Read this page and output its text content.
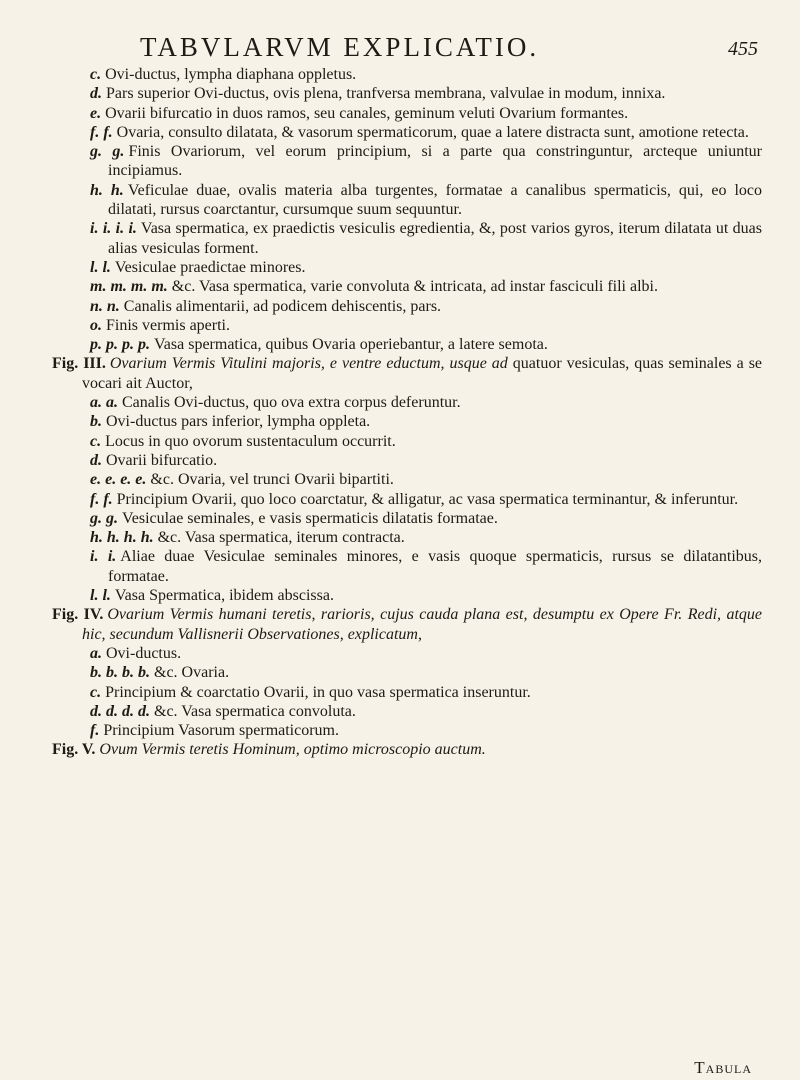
TABVLARVM EXPLICATIO.	455
c. Ovi-ductus, lympha diaphana oppletus.
d. Pars superior Ovi-ductus, ovis plena, tranfversa membrana, valvulae in modum, innixa.
e. Ovarii bifurcatio in duos ramos, seu canales, geminum veluti Ovarium formantes.
f. f. Ovaria, consulto dilatata, & vasorum spermaticorum, quae a latere distracta sunt, amotione retecta.
g. g. Finis Ovariorum, vel eorum principium, si a parte qua constringuntur, arcteque uniuntur incipiamus.
h. h. Veficulae duae, ovalis materia alba turgentes, formatae a canalibus spermaticis, qui, eo loco dilatati, rursus coarctantur, cursumque suum sequuntur.
i. i. i. i. Vasa spermatica, ex praedictis vesiculis egredientia, &, post varios gyros, iterum dilatata ut duas alias vesiculas forment.
l. l. Vesiculae praedictae minores.
m. m. m. m. &c. Vasa spermatica, varie convoluta & intricata, ad instar fasciculi fili albi.
n. n. Canalis alimentarii, ad podicem dehiscentis, pars.
o. Finis vermis aperti.
p. p. p. p. Vasa spermatica, quibus Ovaria operiebantur, a latere semota.
Fig. III. Ovarium Vermis Vitulini majoris, e ventre eductum, usque ad quatuor vesiculas, quas seminales a se vocari ait Auctor,
a. a. Canalis Ovi-ductus, quo ova extra corpus deferuntur.
b. Ovi-ductus pars inferior, lympha oppleta.
c. Locus in quo ovorum sustentaculum occurrit.
d. Ovarii bifurcatio.
e. e. e. e. &c. Ovaria, vel trunci Ovarii bipartiti.
f. f. Principium Ovarii, quo loco coarctatur, & alligatur, ac vasa spermatica terminantur, & inferuntur.
g. g. Vesiculae seminales, e vasis spermaticis dilatatis formatae.
h. h. h. h. &c. Vasa spermatica, iterum contracta.
i. i. Aliae duae Vesiculae seminales minores, e vasis quoque spermaticis, rursus se dilatantibus, formatae.
l. l. Vasa Spermatica, ibidem abscissa.
Fig. IV. Ovarium Vermis humani teretis, rarioris, cujus cauda plana est, desumptu ex Opere Fr. Redi, atque hic, secundum Vallisnerii Observationes, explicatum,
a. Ovi-ductus.
b. b. b. b. &c. Ovaria.
c. Principium & coarctatio Ovarii, in quo vasa spermatica inseruntur.
d. d. d. d. &c. Vasa spermatica convoluta.
f. Principium Vasorum spermaticorum.
Fig. V. Ovum Vermis teretis Hominum, optimo microscopio auctum.
Tabula
